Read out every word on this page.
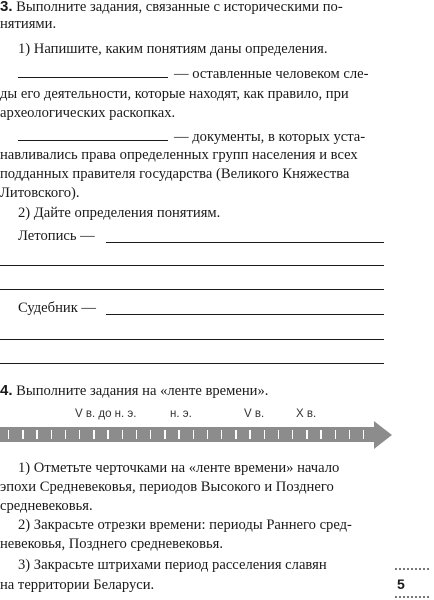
3. Выполните задания, связанные с историческими по-
нятиями.
1) Напишите, каким понятиям даны определения.
— оставленные человеком сле-
ды его деятельности, которые находят, как правило, при
археологических раскопках.
— документы, в которых уста-
навливались права определенных групп населения и всех
подданных правителя государства (Великого Княжества
Литовского).
2) Дайте определения понятиям.
Летопись —
Судебник —
4. Выполните задания на «ленте времени».
V в. до н. э.	н. э.	V в.	X в.
1) Отметьте черточками на «ленте времени» начало
эпохи Средневековья, периодов Высокого и Позднего
средневековья.
2) Закрасьте отрезки времени: периоды Раннего сред-
невековья, Позднего средневековья.
3) Закрасьте штрихами период расселения славян
на территории Беларуси.	5
